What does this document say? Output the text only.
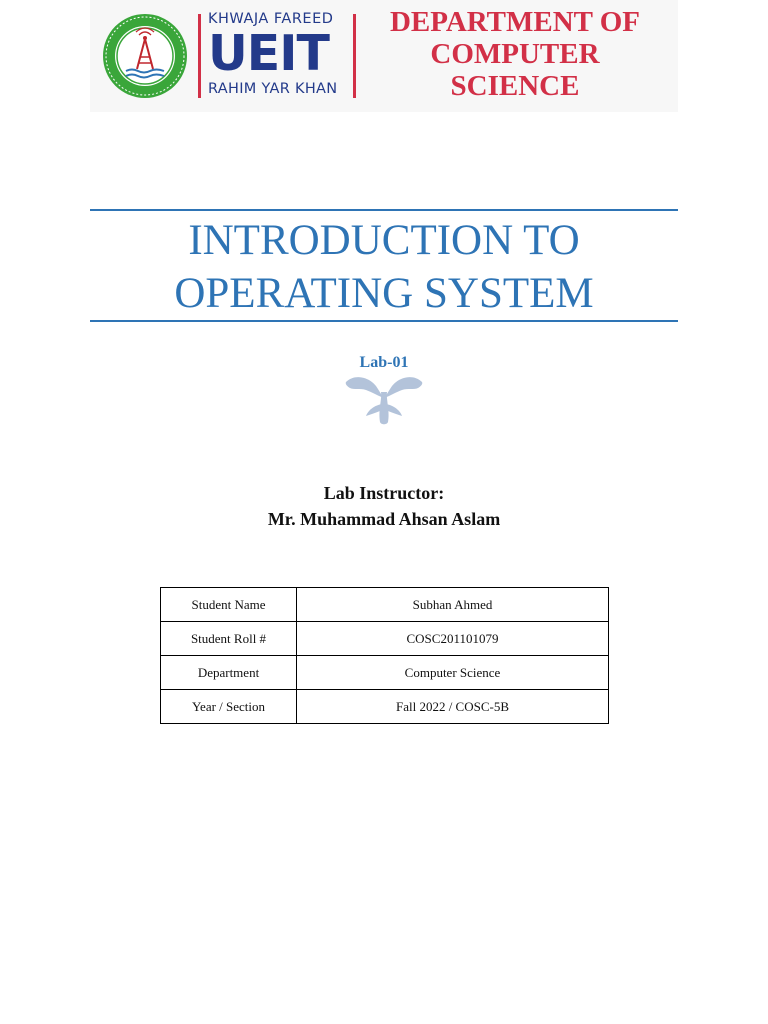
KHWAJA FAREED
UEIT
RAHIM YAR KHAN
DEPARTMENT OF
COMPUTER
SCIENCE
INTRODUCTION TO
OPERATING SYSTEM
Lab-01
Lab Instructor:
Mr. Muhammad Ahsan Aslam
Student Name	Subhan Ahmed
Student Roll #	COSC201101079
Department	Computer Science
Year / Section	Fall 2022 / COSC-5B
